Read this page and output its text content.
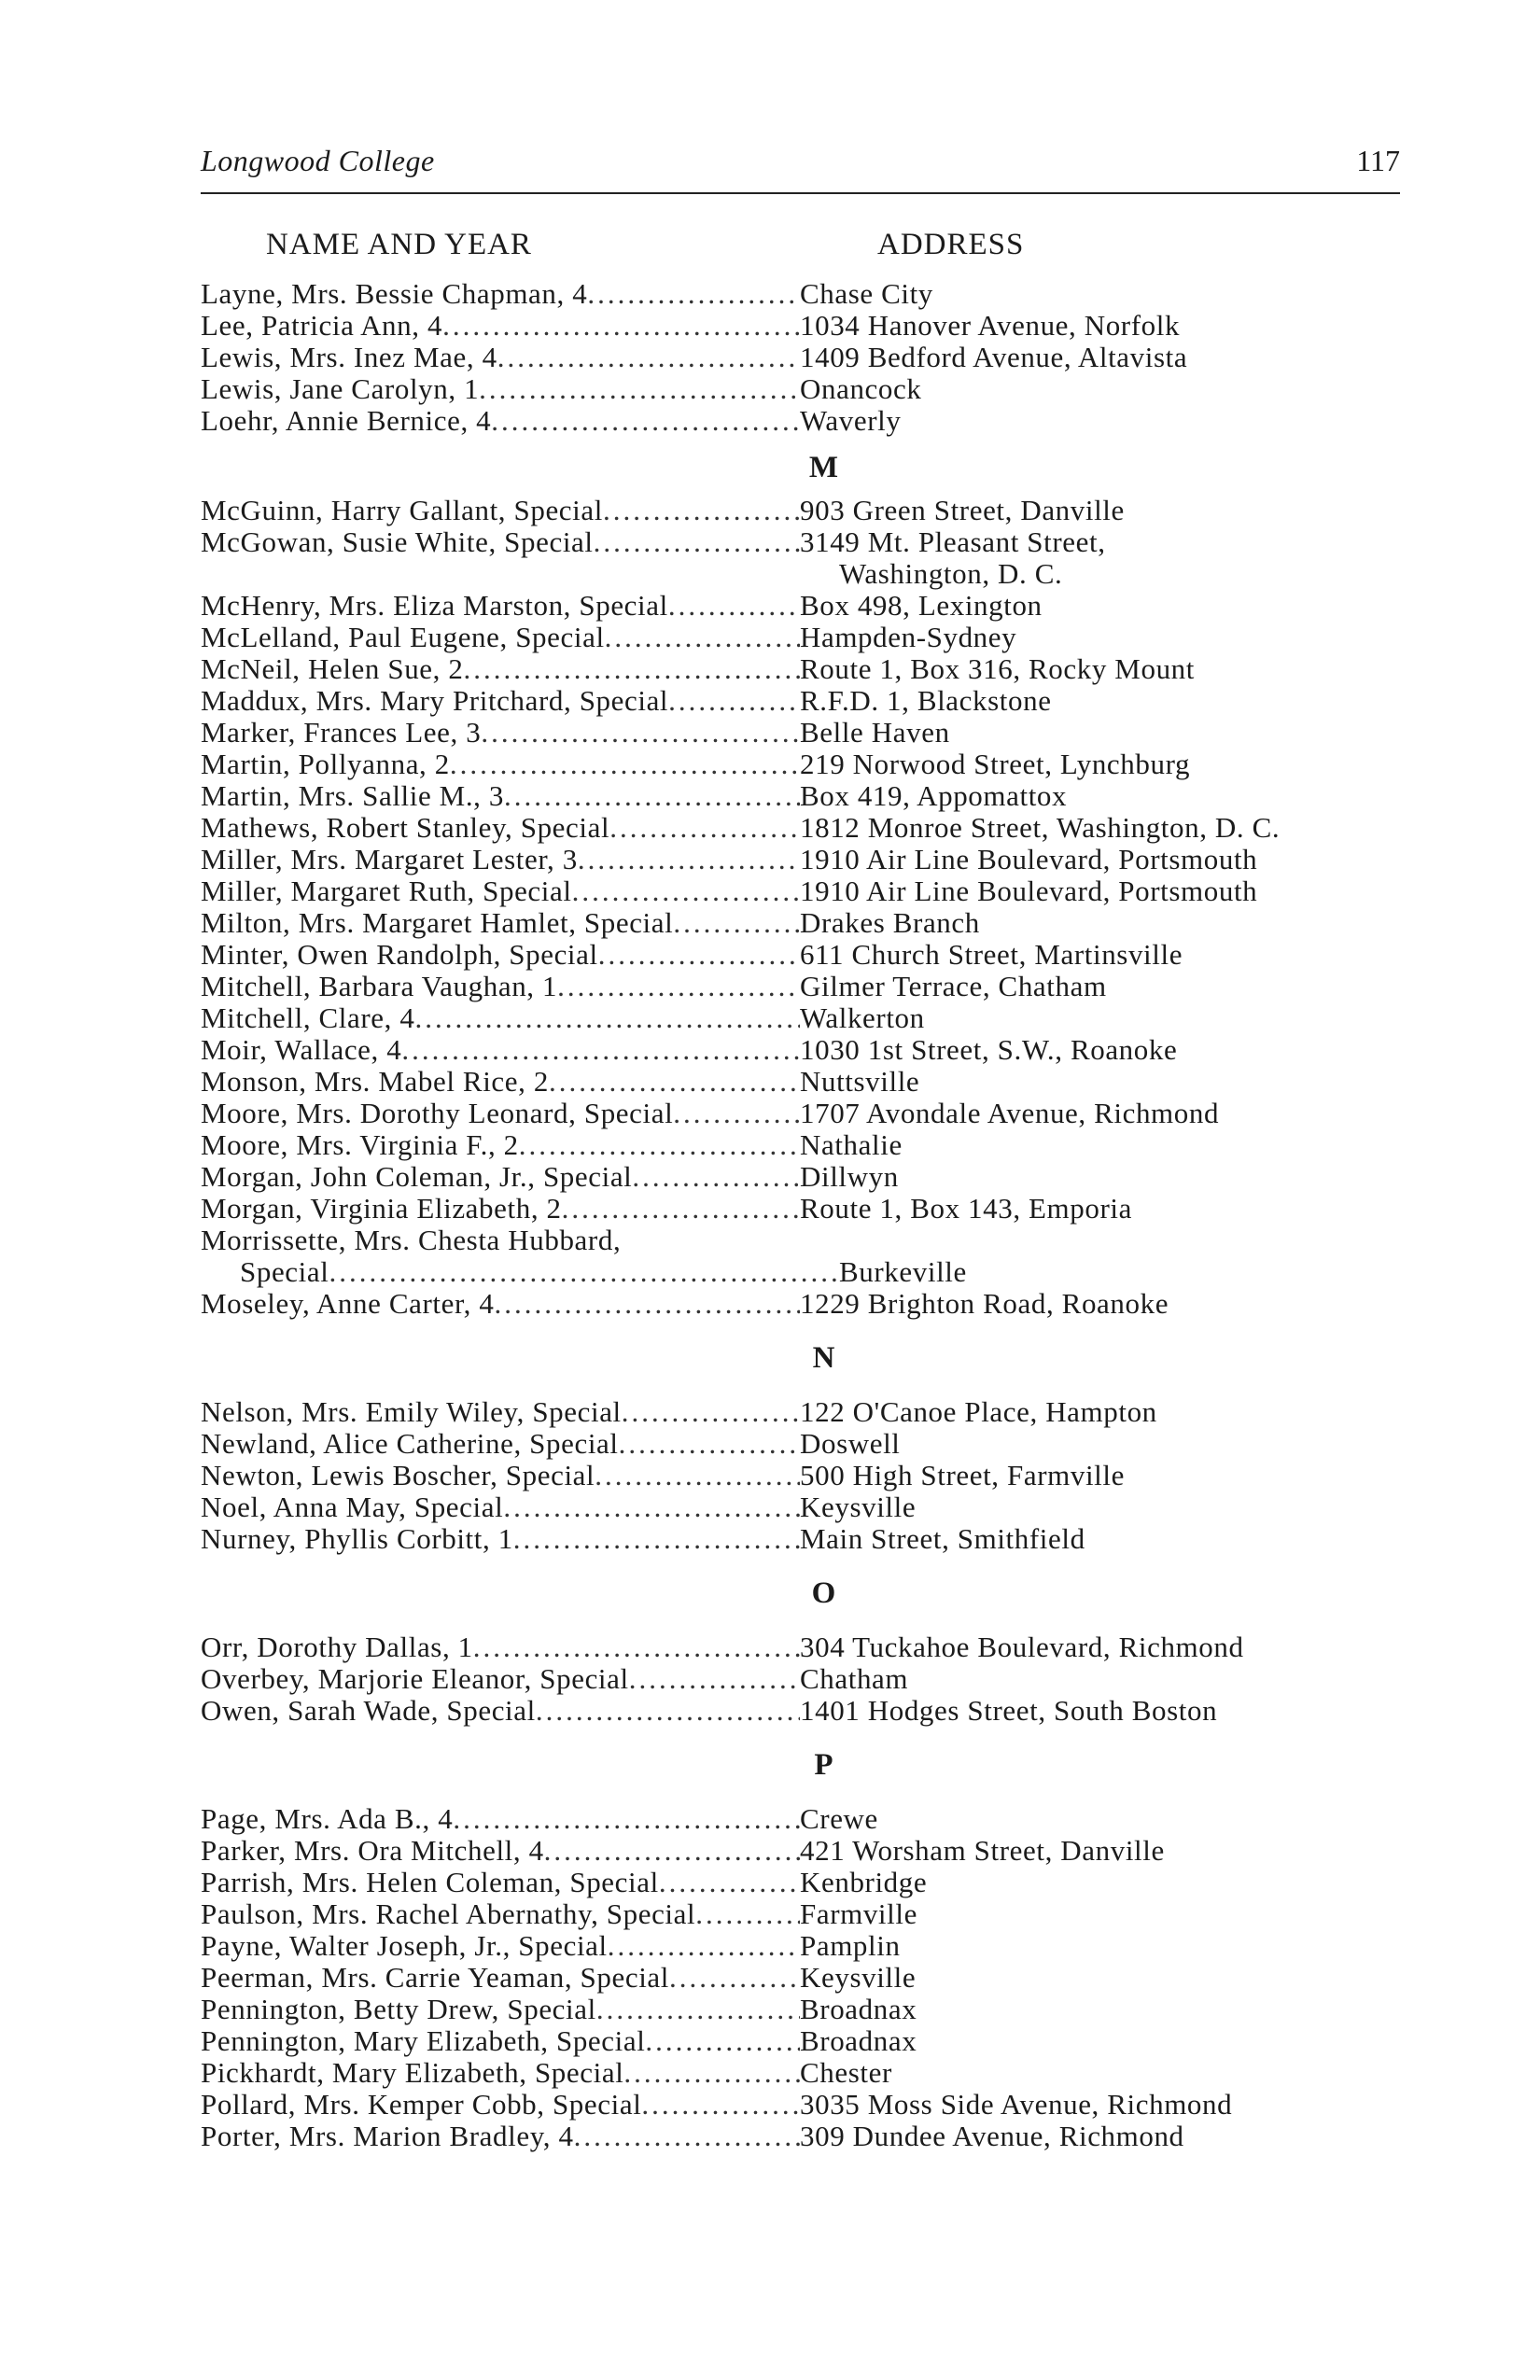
Longwood College	117
NAME AND YEAR	ADDRESS
Layne, Mrs. Bessie Chapman, 4 .....	Chase City
Lee, Patricia Ann, 4 .....	1034 Hanover Avenue, Norfolk
Lewis, Mrs. Inez Mae, 4 .....	1409 Bedford Avenue, Altavista
Lewis, Jane Carolyn, 1 .....	Onancock
Loehr, Annie Bernice, 4 .....	Waverly
M
McGuinn, Harry Gallant, Special .....	903 Green Street, Danville
McGowan, Susie White, Special .....	3149 Mt. Pleasant Street,
Washington, D. C.
McHenry, Mrs. Eliza Marston, Special .....	Box 498, Lexington
McLelland, Paul Eugene, Special .....	Hampden-Sydney
McNeil, Helen Sue, 2 .....	Route 1, Box 316, Rocky Mount
Maddux, Mrs. Mary Pritchard, Special .....	R.F.D. 1, Blackstone
Marker, Frances Lee, 3 .....	Belle Haven
Martin, Pollyanna, 2 .....	219 Norwood Street, Lynchburg
Martin, Mrs. Sallie M., 3 .....	Box 419, Appomattox
Mathews, Robert Stanley, Special .....	1812 Monroe Street, Washington, D. C.
Miller, Mrs. Margaret Lester, 3 .....	1910 Air Line Boulevard, Portsmouth
Miller, Margaret Ruth, Special .....	1910 Air Line Boulevard, Portsmouth
Milton, Mrs. Margaret Hamlet, Special .....	Drakes Branch
Minter, Owen Randolph, Special .....	611 Church Street, Martinsville
Mitchell, Barbara Vaughan, 1 .....	Gilmer Terrace, Chatham
Mitchell, Clare, 4 .....	Walkerton
Moir, Wallace, 4 .....	1030 1st Street, S.W., Roanoke
Monson, Mrs. Mabel Rice, 2 .....	Nuttsville
Moore, Mrs. Dorothy Leonard, Special .....	1707 Avondale Avenue, Richmond
Moore, Mrs. Virginia F., 2 .....	Nathalie
Morgan, John Coleman, Jr., Special .....	Dillwyn
Morgan, Virginia Elizabeth, 2 .....	Route 1, Box 143, Emporia
Morrissette, Mrs. Chesta Hubbard,
Special .....	Burkeville
Moseley, Anne Carter, 4 .....	1229 Brighton Road, Roanoke
N
Nelson, Mrs. Emily Wiley, Special .....	122 O'Canoe Place, Hampton
Newland, Alice Catherine, Special .....	Doswell
Newton, Lewis Boscher, Special .....	500 High Street, Farmville
Noel, Anna May, Special .....	Keysville
Nurney, Phyllis Corbitt, 1 .....	Main Street, Smithfield
O
Orr, Dorothy Dallas, 1 .....	304 Tuckahoe Boulevard, Richmond
Overbey, Marjorie Eleanor, Special .....	Chatham
Owen, Sarah Wade, Special .....	1401 Hodges Street, South Boston
P
Page, Mrs. Ada B., 4 .....	Crewe
Parker, Mrs. Ora Mitchell, 4 .....	421 Worsham Street, Danville
Parrish, Mrs. Helen Coleman, Special .....	Kenbridge
Paulson, Mrs. Rachel Abernathy, Special .....	Farmville
Payne, Walter Joseph, Jr., Special .....	Pamplin
Peerman, Mrs. Carrie Yeaman, Special .....	Keysville
Pennington, Betty Drew, Special .....	Broadnax
Pennington, Mary Elizabeth, Special .....	Broadnax
Pickhardt, Mary Elizabeth, Special .....	Chester
Pollard, Mrs. Kemper Cobb, Special .....	3035 Moss Side Avenue, Richmond
Porter, Mrs. Marion Bradley, 4 .....	309 Dundee Avenue, Richmond
